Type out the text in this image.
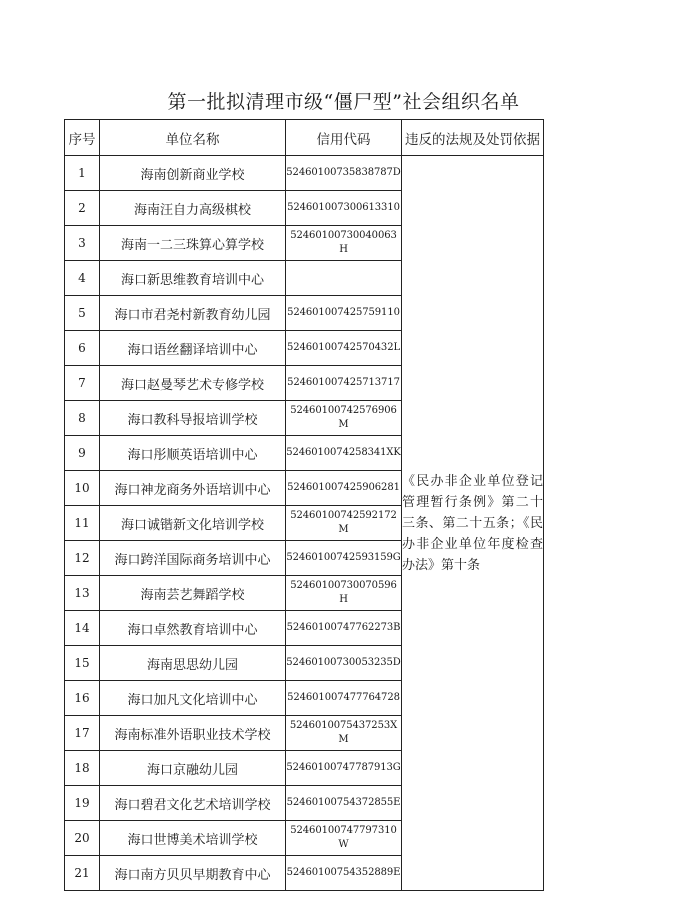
第一批拟清理市级“僵尸型”社会组织名单
序号	单位名称	信用代码	违反的法规及处罚依据
1	海南创新商业学校	52460100735838787D	《民办非企业单位登记管理暂行条例》第二十三条、第二十五条；《民办非企业单位年度检查办法》第十条

2	海南汪自力高级棋校	524601007300613310	
3	海南一二三珠算心算学校	52460100730040063H	
4	海口新思维教育培训中心		
5	海口市君尧村新教育幼儿园	524601007425759110	
6	海口语丝翻译培训中心	52460100742570432L	
7	海口赵曼琴艺术专修学校	524601007425713717	
8	海口教科导报培训学校	52460100742576906M	
9	海口彤顺英语培训中心	5246010074258341XK	
10	海口神龙商务外语培训中心	524601007425906281	
11	海口诚锴新文化培训学校	52460100742592172M	
12	海口跨洋国际商务培训中心	52460100742593159G	
13	海南芸艺舞蹈学校	52460100730070596H	
14	海口卓然教育培训中心	52460100747762273B	
15	海南思思幼儿园	52460100730053235D	
16	海口加凡文化培训中心	524601007477764728	
17	海南标准外语职业技术学校	5246010075437253XM	
18	海口京融幼儿园	52460100747787913G	
19	海口碧君文化艺术培训学校	52460100754372855E	
20	海口世博美术培训学校	52460100747797310W	
21	海口南方贝贝早期教育中心	52460100754352889E	
